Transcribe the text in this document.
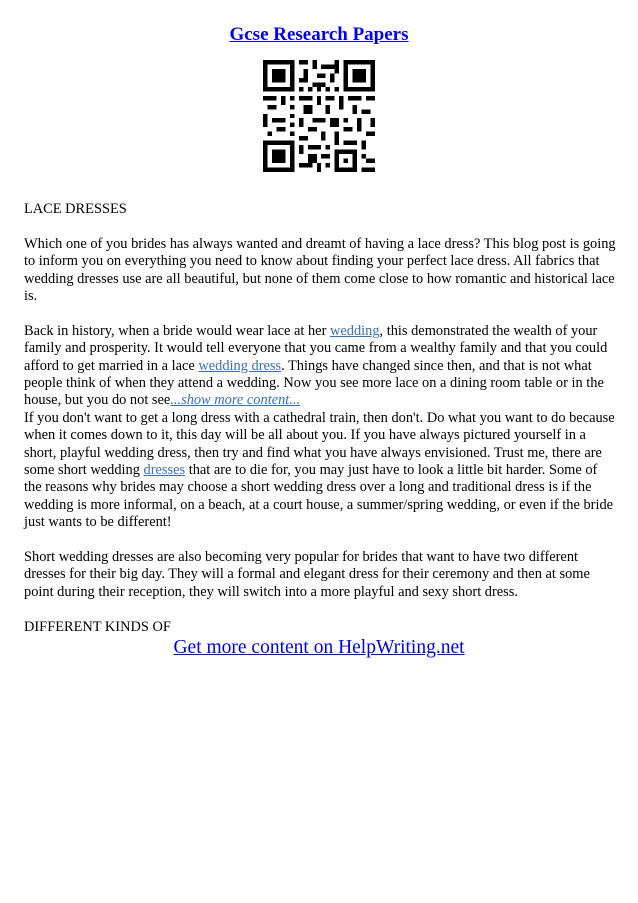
Gcse Research Papers

LACE DRESSES

Which one of you brides has always wanted and dreamt of having a lace dress? This blog post is going to inform you on everything you need to know about finding your perfect lace dress. All fabrics that wedding dresses use are all beautiful, but none of them come close to how romantic and historical lace is.

Back in history, when a bride would wear lace at her wedding, this demonstrated the wealth of your family and prosperity. It would tell everyone that you came from a wealthy family and that you could afford to get married in a lace wedding dress. Things have changed since then, and that is not what people think of when they attend a wedding. Now you see more lace on a dining room table or in the house, but you do not see...show more content...

If you don't want to get a long dress with a cathedral train, then don't. Do what you want to do because when it comes down to it, this day will be all about you. If you have always pictured yourself in a short, playful wedding dress, then try and find what you have always envisioned. Trust me, there are some short wedding dresses that are to die for, you may just have to look a little bit harder. Some of the reasons why brides may choose a short wedding dress over a long and traditional dress is if the wedding is more informal, on a beach, at a court house, a summer/spring wedding, or even if the bride just wants to be different!

Short wedding dresses are also becoming very popular for brides that want to have two different dresses for their big day. They will a formal and elegant dress for their ceremony and then at some point during their reception, they will switch into a more playful and sexy short dress.

DIFFERENT KINDS OF

Get more content on HelpWriting.net
